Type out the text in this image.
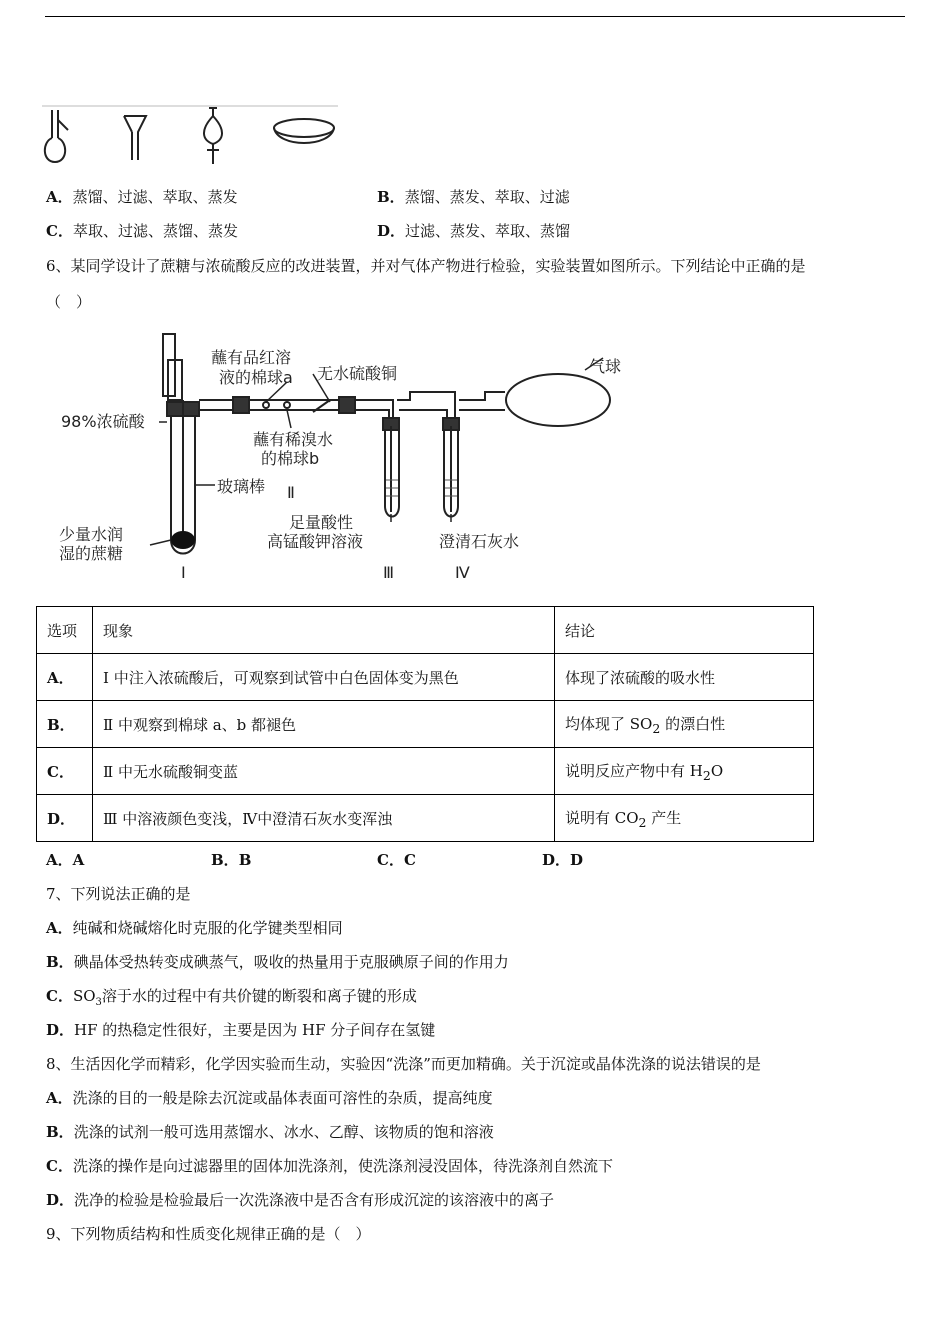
A．蒸馏、过滤、萃取、蒸发	B．蒸馏、蒸发、萃取、过滤
C．萃取、过滤、蒸馏、蒸发	D．过滤、蒸发、萃取、蒸馏
6、某同学设计了蔗糖与浓硫酸反应的改进装置，并对气体产物进行检验，实验装置如图所示。下列结论中正确的是
（　）
98%浓硫酸
蘸有品红溶
液的棉球a 无水硫酸铜
蘸有稀溴水
的棉球b
气球
玻璃棒 Ⅱ
少量水润
湿的蔗糖
Ⅰ
足量酸性
高锰酸钾溶液	澄清石灰水
Ⅲ	Ⅳ
选项	现象	结论
A．	Ⅰ 中注入浓硫酸后，可观察到试管中白色固体变为黑色	体现了浓硫酸的吸水性
B．	Ⅱ 中观察到棉球 a、b 都褪色	均体现了 $SO_2$ 的漂白性
C．	Ⅱ 中无水硫酸铜变蓝	说明反应产物中有 $H_2O$
D．	Ⅲ 中溶液颜色变浅，Ⅳ中澄清石灰水变浑浊	说明有 $CO_2$ 产生
A．A	B．B	C．C	D．D
7、下列说法正确的是
A．纯碱和烧碱熔化时克服的化学键类型相同
B．碘晶体受热转变成碘蒸气，吸收的热量用于克服碘原子间的作用力
C．$SO_3$溶于水的过程中有共价键的断裂和离子键的形成
D．HF 的热稳定性很好，主要是因为 HF 分子间存在氢键
8、生活因化学而精彩，化学因实验而生动，实验因“洗涤”而更加精确。关于沉淀或晶体洗涤的说法错误的是
A．洗涤的目的一般是除去沉淀或晶体表面可溶性的杂质，提高纯度
B．洗涤的试剂一般可选用蒸馏水、冰水、乙醇、该物质的饱和溶液
C．洗涤的操作是向过滤器里的固体加洗涤剂，使洗涤剂浸没固体，待洗涤剂自然流下
D．洗净的检验是检验最后一次洗涤液中是否含有形成沉淀的该溶液中的离子
9、下列物质结构和性质变化规律正确的是（　）
